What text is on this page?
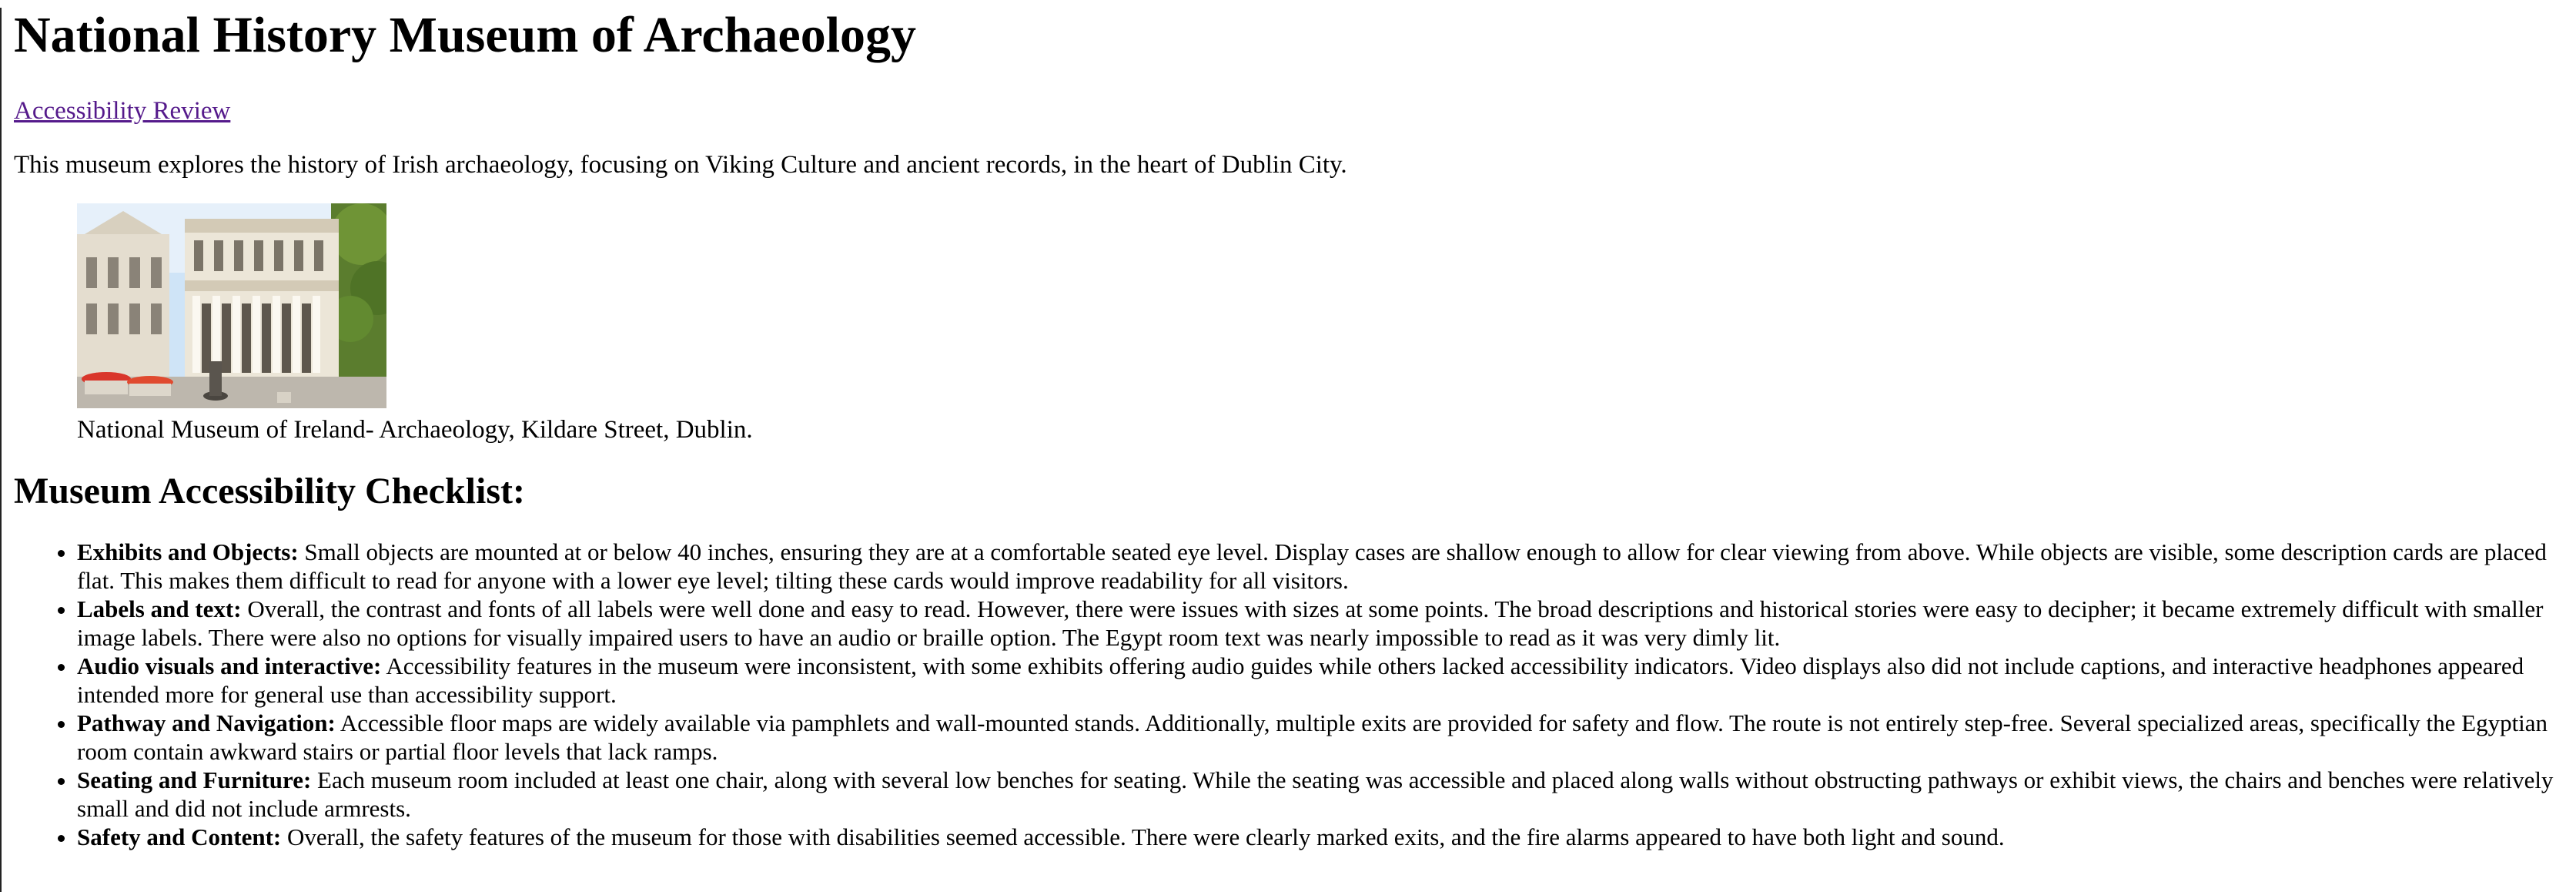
National History Museum of Archaeology
Accessibility Review

This museum explores the history of Irish archaeology, focusing on Viking Culture and ancient records, in the heart of Dublin City.

National Museum of Ireland- Archaeology, Kildare Street, Dublin.
Museum Accessibility Checklist:
• Exhibits and Objects: Small objects are mounted at or below 40 inches, ensuring they are at a comfortable seated eye level. Display cases are shallow enough to allow for clear viewing from above. While objects are visible, some description cards are placed flat. This makes them difficult to read for anyone with a lower eye level; tilting these cards would improve readability for all visitors.
• Labels and text: Overall, the contrast and fonts of all labels were well done and easy to read. However, there were issues with sizes at some points. The broad descriptions and historical stories were easy to decipher; it became extremely difficult with smaller image labels. There were also no options for visually impaired users to have an audio or braille option. The Egypt room text was nearly impossible to read as it was very dimly lit.
• Audio visuals and interactive: Accessibility features in the museum were inconsistent, with some exhibits offering audio guides while others lacked accessibility indicators. Video displays also did not include captions, and interactive headphones appeared intended more for general use than accessibility support.
• Pathway and Navigation: Accessible floor maps are widely available via pamphlets and wall-mounted stands. Additionally, multiple exits are provided for safety and flow. The route is not entirely step-free. Several specialized areas, specifically the Egyptian room contain awkward stairs or partial floor levels that lack ramps.
• Seating and Furniture: Each museum room included at least one chair, along with several low benches for seating. While the seating was accessible and placed along walls without obstructing pathways or exhibit views, the chairs and benches were relatively small and did not include armrests.
• Safety and Content: Overall, the safety features of the museum for those with disabilities seemed accessible. There were clearly marked exits, and the fire alarms appeared to have both light and sound.
